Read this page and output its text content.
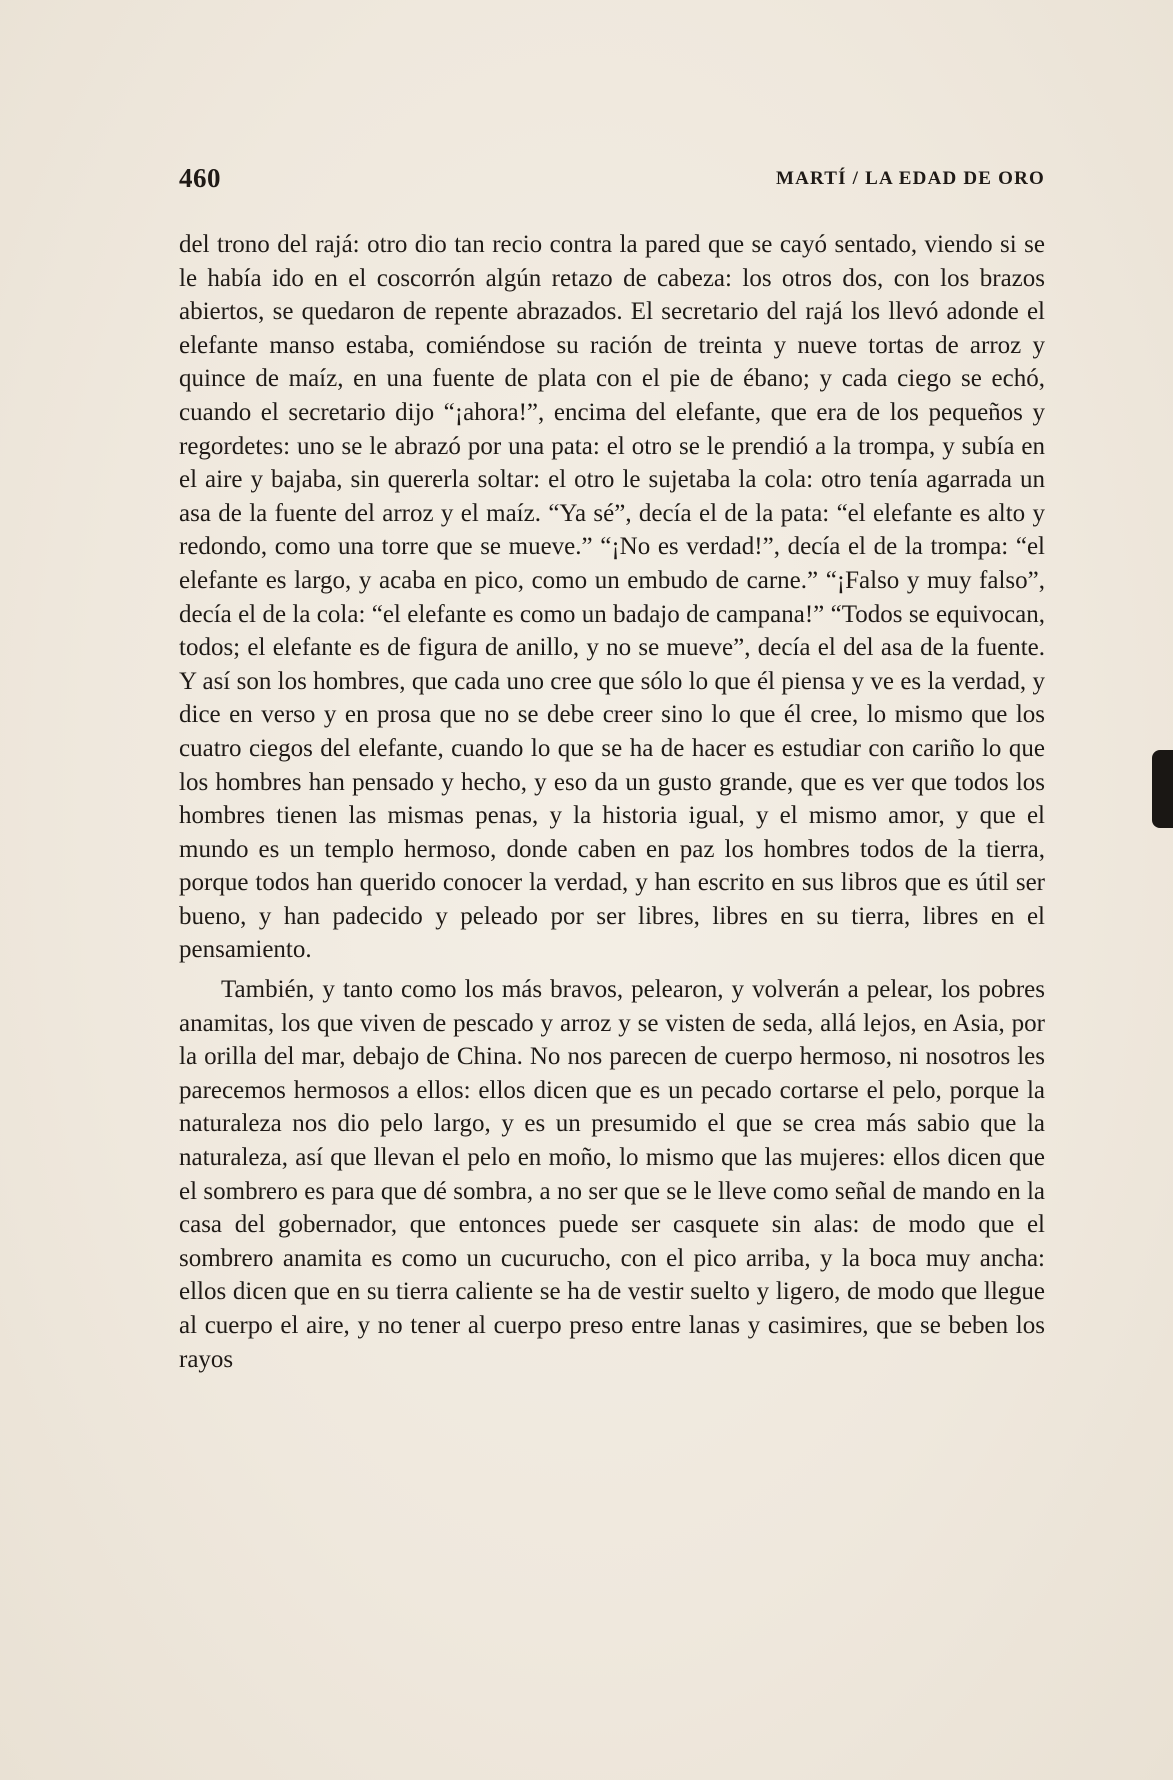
460	MARTÍ / LA EDAD DE ORO

del trono del rajá: otro dio tan recio contra la pared que se cayó sentado, viendo si se le había ido en el coscorrón algún retazo de cabeza: los otros dos, con los brazos abiertos, se quedaron de repente abrazados. El secretario del rajá los llevó adonde el elefante manso estaba, comiéndose su ración de treinta y nueve tortas de arroz y quince de maíz, en una fuente de plata con el pie de ébano; y cada ciego se echó, cuando el secretario dijo “¡ahora!”, encima del elefante, que era de los pequeños y regordetes: uno se le abrazó por una pata: el otro se le prendió a la trompa, y subía en el aire y bajaba, sin quererla soltar: el otro le sujetaba la cola: otro tenía agarrada un asa de la fuente del arroz y el maíz. “Ya sé”, decía el de la pata: “el elefante es alto y redondo, como una torre que se mueve.” “¡No es verdad!”, decía el de la trompa: “el elefante es largo, y acaba en pico, como un embudo de carne.” “¡Falso y muy falso”, decía el de la cola: “el elefante es como un badajo de campana!” “Todos se equivocan, todos; el elefante es de figura de anillo, y no se mueve”, decía el del asa de la fuente. Y así son los hombres, que cada uno cree que sólo lo que él piensa y ve es la verdad, y dice en verso y en prosa que no se debe creer sino lo que él cree, lo mismo que los cuatro ciegos del elefante, cuando lo que se ha de hacer es estudiar con cariño lo que los hombres han pensado y hecho, y eso da un gusto grande, que es ver que todos los hombres tienen las mismas penas, y la historia igual, y el mismo amor, y que el mundo es un templo hermoso, donde caben en paz los hombres todos de la tierra, porque todos han querido conocer la verdad, y han escrito en sus libros que es útil ser bueno, y han padecido y peleado por ser libres, libres en su tierra, libres en el pensamiento.

También, y tanto como los más bravos, pelearon, y volverán a pelear, los pobres anamitas, los que viven de pescado y arroz y se visten de seda, allá lejos, en Asia, por la orilla del mar, debajo de China. No nos parecen de cuerpo hermoso, ni nosotros les parecemos hermosos a ellos: ellos dicen que es un pecado cortarse el pelo, porque la naturaleza nos dio pelo largo, y es un presumido el que se crea más sabio que la naturaleza, así que llevan el pelo en moño, lo mismo que las mujeres: ellos dicen que el sombrero es para que dé sombra, a no ser que se le lleve como señal de mando en la casa del gobernador, que entonces puede ser casquete sin alas: de modo que el sombrero anamita es como un cucurucho, con el pico arriba, y la boca muy ancha: ellos dicen que en su tierra caliente se ha de vestir suelto y ligero, de modo que llegue al cuerpo el aire, y no tener al cuerpo preso entre lanas y casimires, que se beben los rayos
